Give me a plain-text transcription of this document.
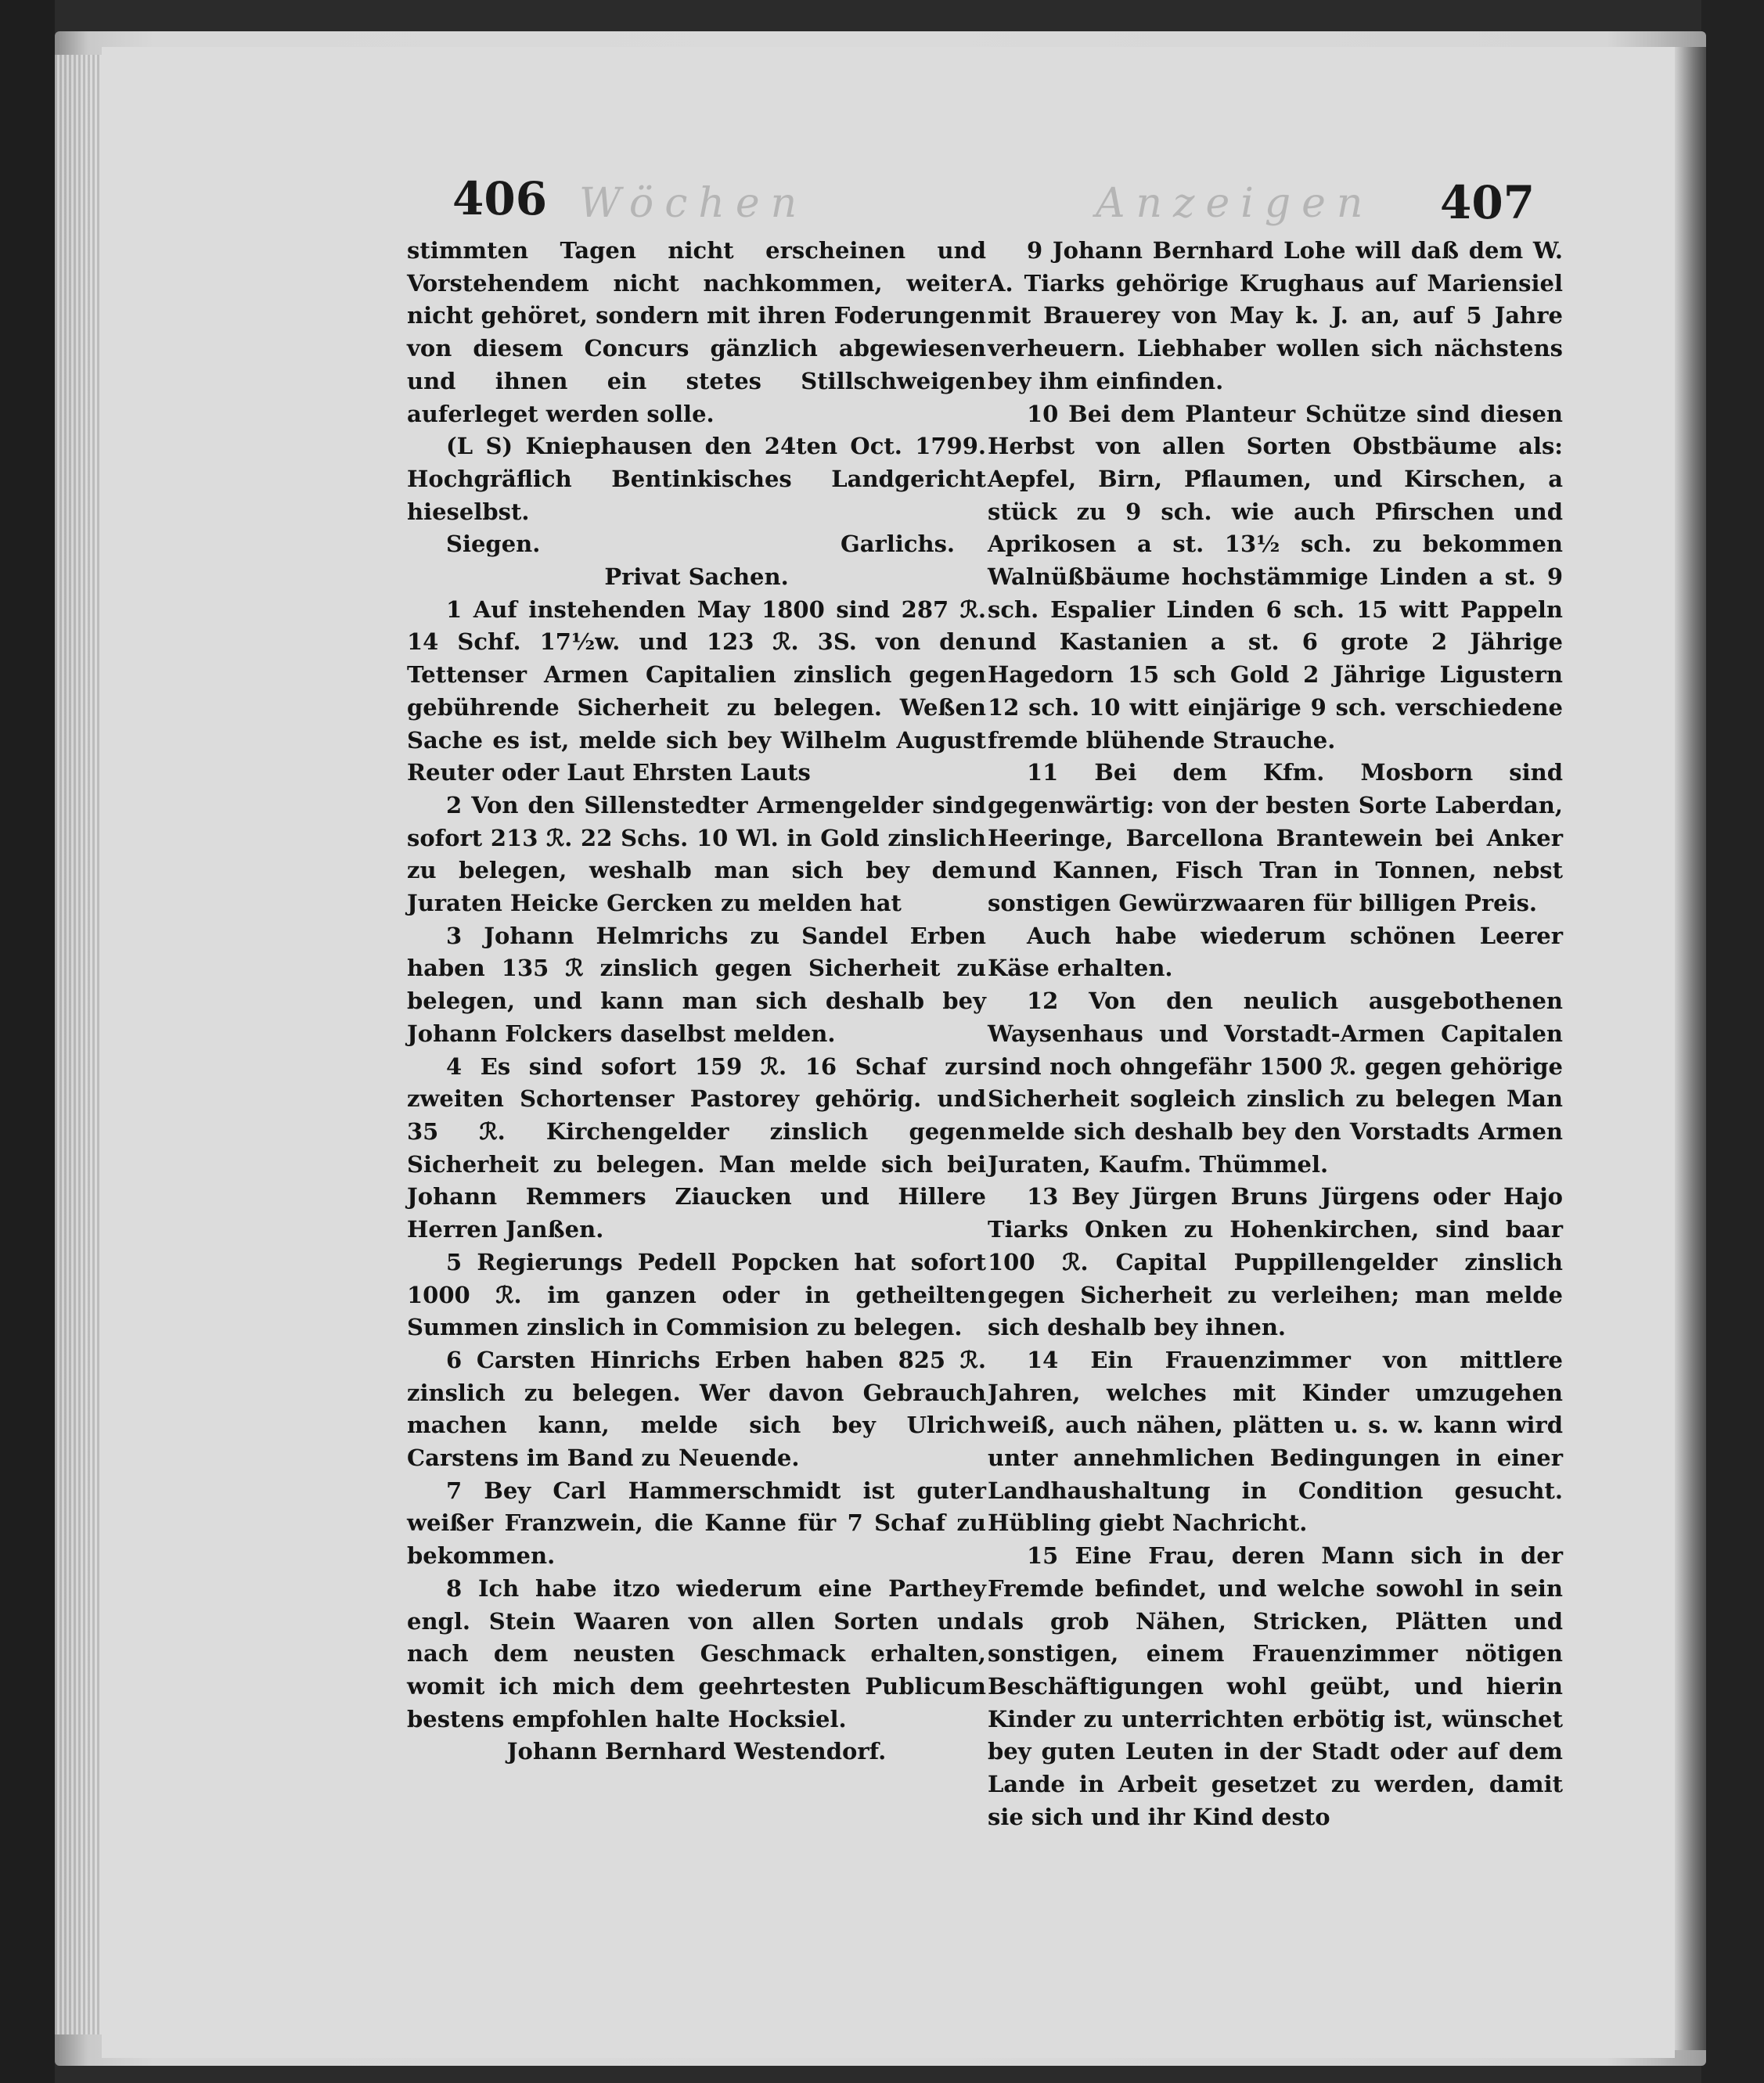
406 Wöchen	407
Anzeigen

stimmten Tagen nicht erscheinen und Vorstehendem nicht nachkommen, weiter nicht gehöret, sondern mit ihren Foderungen von diesem Concurs gänzlich abgewiesen und ihnen ein stetes Stillschweigen auferleget werden solle.

(L S) Kniephausen den 24ten Oct. 1799. Hochgräflich Bentinkisches Landgericht hieselbst.

Siegen.	Garlichs.

Privat Sachen.

1 Auf instehenden May 1800 sind 287 ℛ. 14 Schf. 17½w. und 123 ℛ. 3S. von den Tettenser Armen Capitalien zinslich gegen gebührende Sicherheit zu belegen. Weßen Sache es ist, melde sich bey Wilhelm August Reuter oder Laut Ehrsten Lauts

2 Von den Sillenstedter Armengelder sind sofort 213 ℛ. 22 Schs. 10 Wl. in Gold zinslich zu belegen, weshalb man sich bey dem Juraten Heicke Gercken zu melden hat

3 Johann Helmrichs zu Sandel Erben haben 135 ℛ zinslich gegen Sicherheit zu belegen, und kann man sich deshalb bey Johann Folckers daselbst melden.

4 Es sind sofort 159 ℛ. 16 Schaf zur zweiten Schortenser Pastorey gehörig. und 35 ℛ. Kirchengelder zinslich gegen Sicherheit zu belegen. Man melde sich bei Johann Remmers Ziaucken und Hillere Herren Janßen.

5 Regierungs Pedell Popcken hat sofort 1000 ℛ. im ganzen oder in getheilten Summen zinslich in Commision zu belegen.

6 Carsten Hinrichs Erben haben 825 ℛ. zinslich zu belegen. Wer davon Gebrauch machen kann, melde sich bey Ulrich Carstens im Band zu Neuende.

7 Bey Carl Hammerschmidt ist guter weißer Franzwein, die Kanne für 7 Schaf zu bekommen.

8 Ich habe itzo wiederum eine Parthey engl. Stein Waaren von allen Sorten und nach dem neusten Geschmack erhalten, womit ich mich dem geehrtesten Publicum bestens empfohlen halte Hocksiel.

Johann Bernhard Westendorf.

9 Johann Bernhard Lohe will daß dem W. A. Tiarks gehörige Krughaus auf Mariensiel mit Brauerey von May k. J. an, auf 5 Jahre verheuern. Liebhaber wollen sich nächstens bey ihm einfinden.

10 Bei dem Planteur Schütze sind diesen Herbst von allen Sorten Obstbäume als: Aepfel, Birn, Pflaumen, und Kirschen, a stück zu 9 sch. wie auch Pfirschen und Aprikosen a st. 13½ sch. zu bekommen Walnüßbäume hochstämmige Linden a st. 9 sch. Espalier Linden 6 sch. 15 witt Pappeln und Kastanien a st. 6 grote 2 Jährige Hagedorn 15 sch Gold 2 Jährige Ligustern 12 sch. 10 witt einjärige 9 sch. verschiedene fremde blühende Strauche.

11 Bei dem Kfm. Mosborn sind gegenwärtig: von der besten Sorte Laberdan, Heeringe, Barcellona Brantewein bei Anker und Kannen, Fisch Tran in Tonnen, nebst sonstigen Gewürzwaaren für billigen Preis.

Auch habe wiederum schönen Leerer Käse erhalten.

12 Von den neulich ausgebothenen Waysenhaus und Vorstadt-Armen Capitalen sind noch ohngefähr 1500 ℛ. gegen gehörige Sicherheit sogleich zinslich zu belegen Man melde sich deshalb bey den Vorstadts Armen Juraten, Kaufm. Thümmel.

13 Bey Jürgen Bruns Jürgens oder Hajo Tiarks Onken zu Hohenkirchen, sind baar 100 ℛ. Capital Puppillengelder zinslich gegen Sicherheit zu verleihen; man melde sich deshalb bey ihnen.

14 Ein Frauenzimmer von mittlere Jahren, welches mit Kinder umzugehen weiß, auch nähen, plätten u. s. w. kann wird unter annehmlichen Bedingungen in einer Landhaushaltung in Condition gesucht. Hübling giebt Nachricht.

15 Eine Frau, deren Mann sich in der Fremde befindet, und welche sowohl in sein als grob Nähen, Stricken, Plätten und sonstigen, einem Frauenzimmer nötigen Beschäftigungen wohl geübt, und hierin Kinder zu unterrichten erbötig ist, wünschet bey guten Leuten in der Stadt oder auf dem Lande in Arbeit gesetzet zu werden, damit sie sich und ihr Kind desto
